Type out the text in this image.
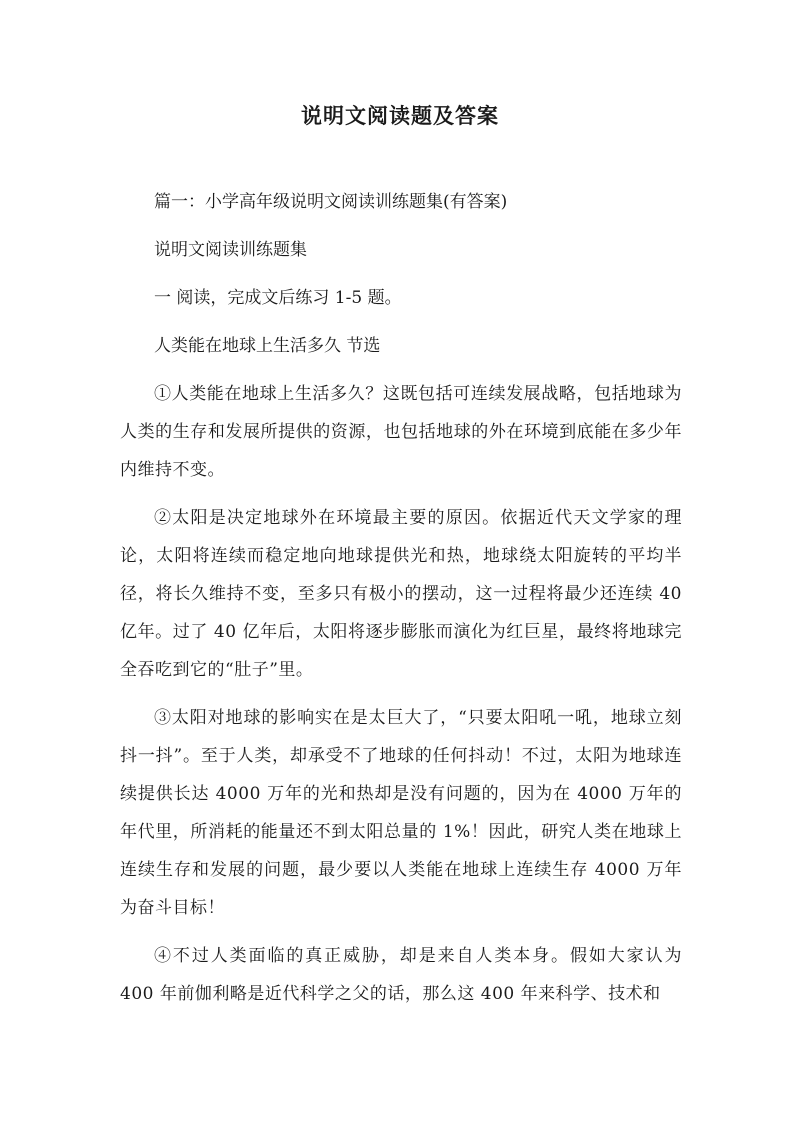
说明文阅读题及答案
篇一：小学高年级说明文阅读训练题集(有答案)
说明文阅读训练题集
一 阅读，完成文后练习 1-5 题。
人类能在地球上生活多久 节选

①人类能在地球上生活多久？这既包括可连续发展战略，包括地球为人类的生存和发展所提供的资源，也包括地球的外在环境到底能在多少年内维持不变。

②太阳是决定地球外在环境最主要的原因。依据近代天文学家的理论，太阳将连续而稳定地向地球提供光和热，地球绕太阳旋转的平均半径，将长久维持不变，至多只有极小的摆动，这一过程将最少还连续 40 亿年。过了 40 亿年后，太阳将逐步膨胀而演化为红巨星，最终将地球完全吞吃到它的“肚子”里。

③太阳对地球的影响实在是太巨大了，“只要太阳吼一吼，地球立刻抖一抖”。至于人类，却承受不了地球的任何抖动！不过，太阳为地球连续提供长达 4000 万年的光和热却是没有问题的，因为在 4000 万年的年代里，所消耗的能量还不到太阳总量的 1%！因此，研究人类在地球上连续生存和发展的问题，最少要以人类能在地球上连续生存 4000 万年为奋斗目标！

④不过人类面临的真正威胁，却是来自人类本身。假如大家认为 400 年前伽利略是近代科学之父的话，那么这 400 年来科学、技术和
